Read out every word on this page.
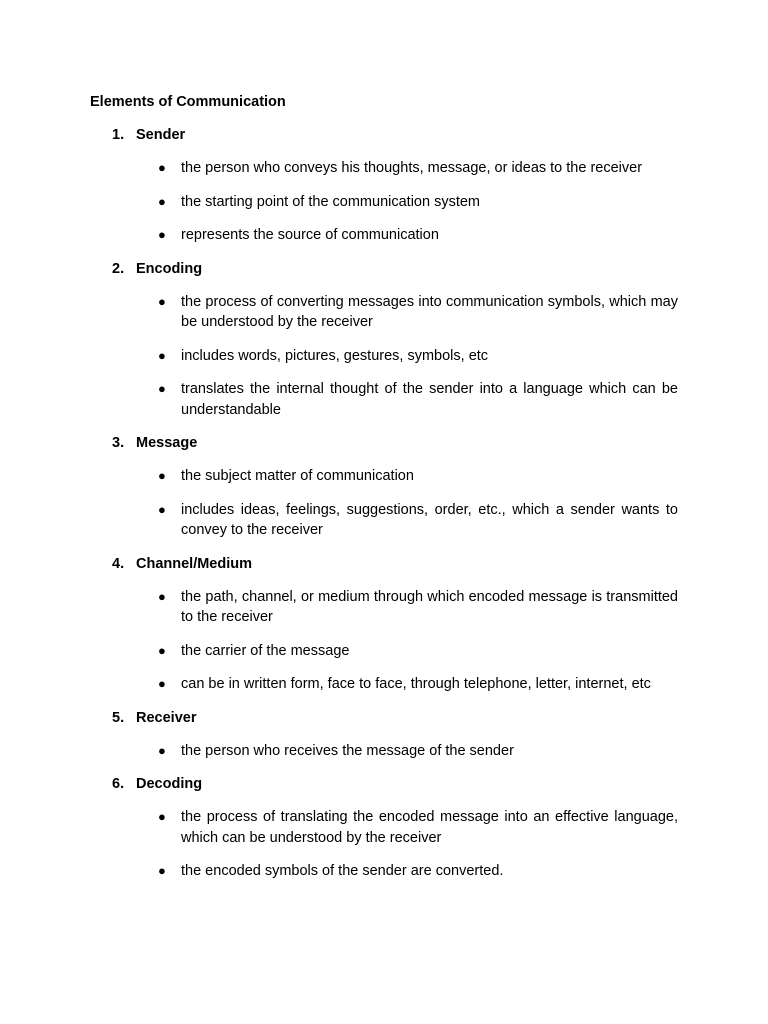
Elements of Communication
1. Sender
● the person who conveys his thoughts, message, or ideas to the receiver
● the starting point of the communication system
● represents the source of communication
2. Encoding
● the process of converting messages into communication symbols, which may be understood by the receiver
● includes words, pictures, gestures, symbols, etc
● translates the internal thought of the sender into a language which can be understandable
3. Message
● the subject matter of communication
● includes ideas, feelings, suggestions, order, etc., which a sender wants to convey to the receiver
4. Channel/Medium
● the path, channel, or medium through which encoded message is transmitted to the receiver
● the carrier of the message
● can be in written form, face to face, through telephone, letter, internet, etc
5. Receiver
● the person who receives the message of the sender
6. Decoding
● the process of translating the encoded message into an effective language, which can be understood by the receiver
● the encoded symbols of the sender are converted.
